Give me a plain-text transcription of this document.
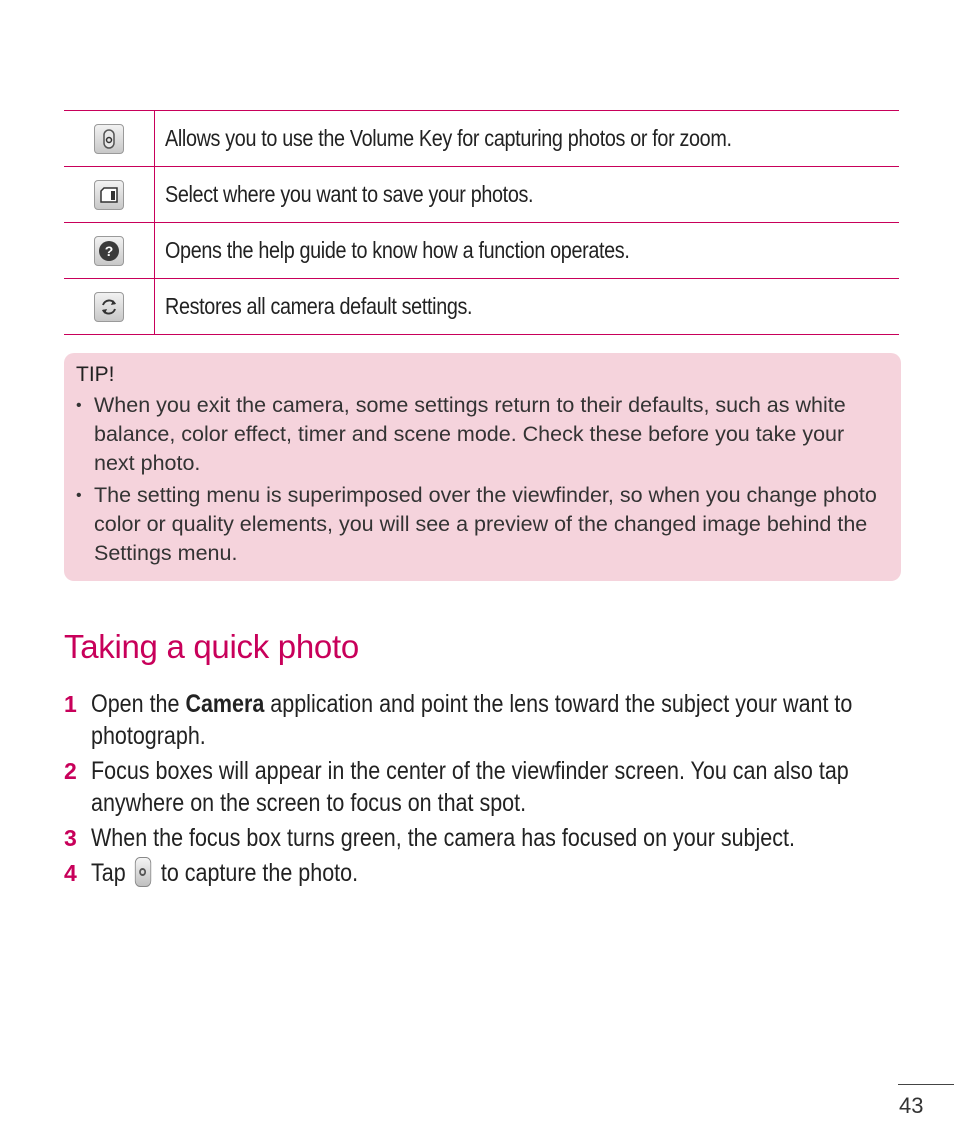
Allows you to use the Volume Key for capturing photos or for zoom.
Select where you want to save your photos.
? Opens the help guide to know how a function operates.
Restores all camera default settings.

TIP!

• When you exit the camera, some settings return to their defaults, such as white balance, color effect, timer and scene mode. Check these before you take your next photo.
• The setting menu is superimposed over the viewfinder, so when you change photo color or quality elements, you will see a preview of the changed image behind the Settings menu.
Taking a quick photo
1 Open the Camera application and point the lens toward the subject your want to photograph.
2 Focus boxes will appear in the center of the viewfinder screen. You can also tap anywhere on the screen to focus on that spot.
3 When the focus box turns green, the camera has focused on your subject.
4 Tap  to capture the photo.
43
